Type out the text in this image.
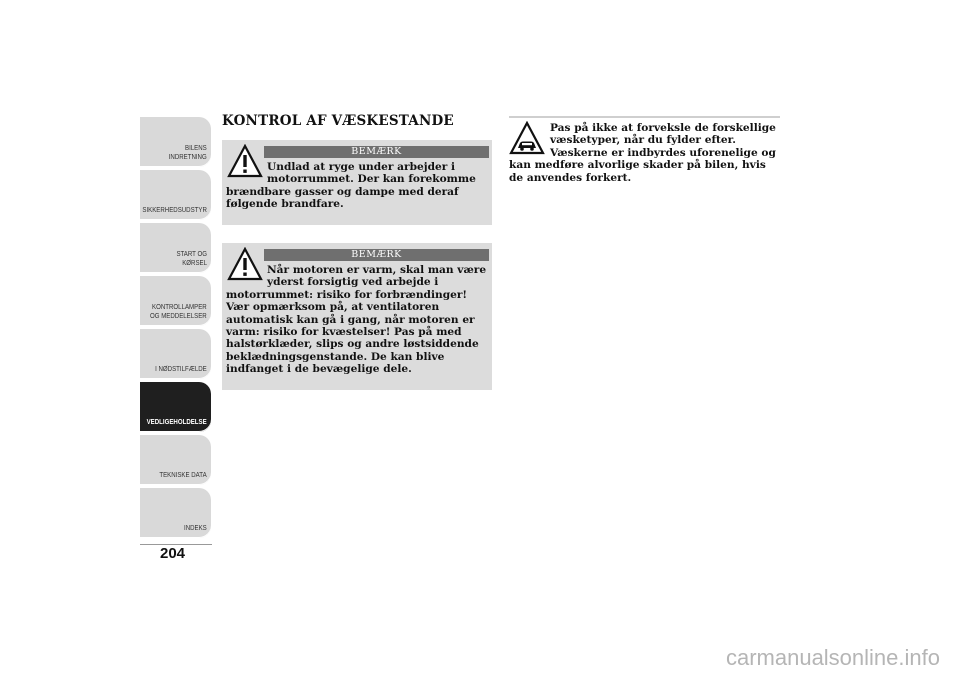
BILENS
INDRETNING
SIKKERHEDSUDSTYR
START OG KØRSEL
KONTROLLAMPER
OG MEDDELELSER
I NØDSTILFÆLDE
VEDLIGEHOLDELSE
TEKNISKE DATA
INDEKS
204
KONTROL AF VÆSKESTANDE
BEMÆRK
Undlad at ryge under arbejder i motorrummet. Der kan forekomme
brændbare gasser og dampe med deraf følgende brandfare.
BEMÆRK
Når motoren er varm, skal man være yderst forsigtig ved arbejde i
motorrummet: risiko for forbrændinger! Vær opmærksom på, at ventilatoren automatisk kan gå i gang, når motoren er varm: risiko for kvæstelser! Pas på med halstørklæder, slips og andre løstsiddende beklædningsgenstande. De kan blive indfanget i de bevægelige dele.
Pas på ikke at forveksle de forskellige væsketyper, når du fylder efter. Væskerne er indbyrdes uforenelige og
kan medføre alvorlige skader på bilen, hvis de anvendes forkert.
carmanualsonline.info
